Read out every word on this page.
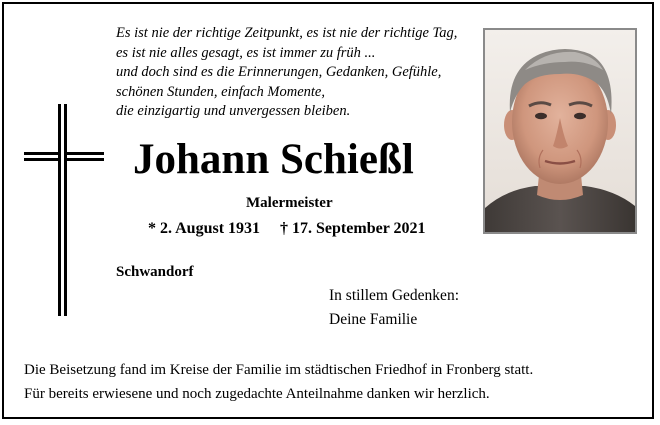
Es ist nie der richtige Zeitpunkt, es ist nie der richtige Tag,
es ist nie alles gesagt, es ist immer zu früh ...
und doch sind es die Erinnerungen, Gedanken, Gefühle,
schönen Stunden, einfach Momente,
die einzigartig und unvergessen bleiben.
Johann Schießl
Malermeister
* 2. August 1931 † 17. September 2021
Schwandorf
In stillem Gedenken:
Deine Familie
Die Beisetzung fand im Kreise der Familie im städtischen Friedhof in Fronberg statt.
Für bereits erwiesene und noch zugedachte Anteilnahme danken wir herzlich.
